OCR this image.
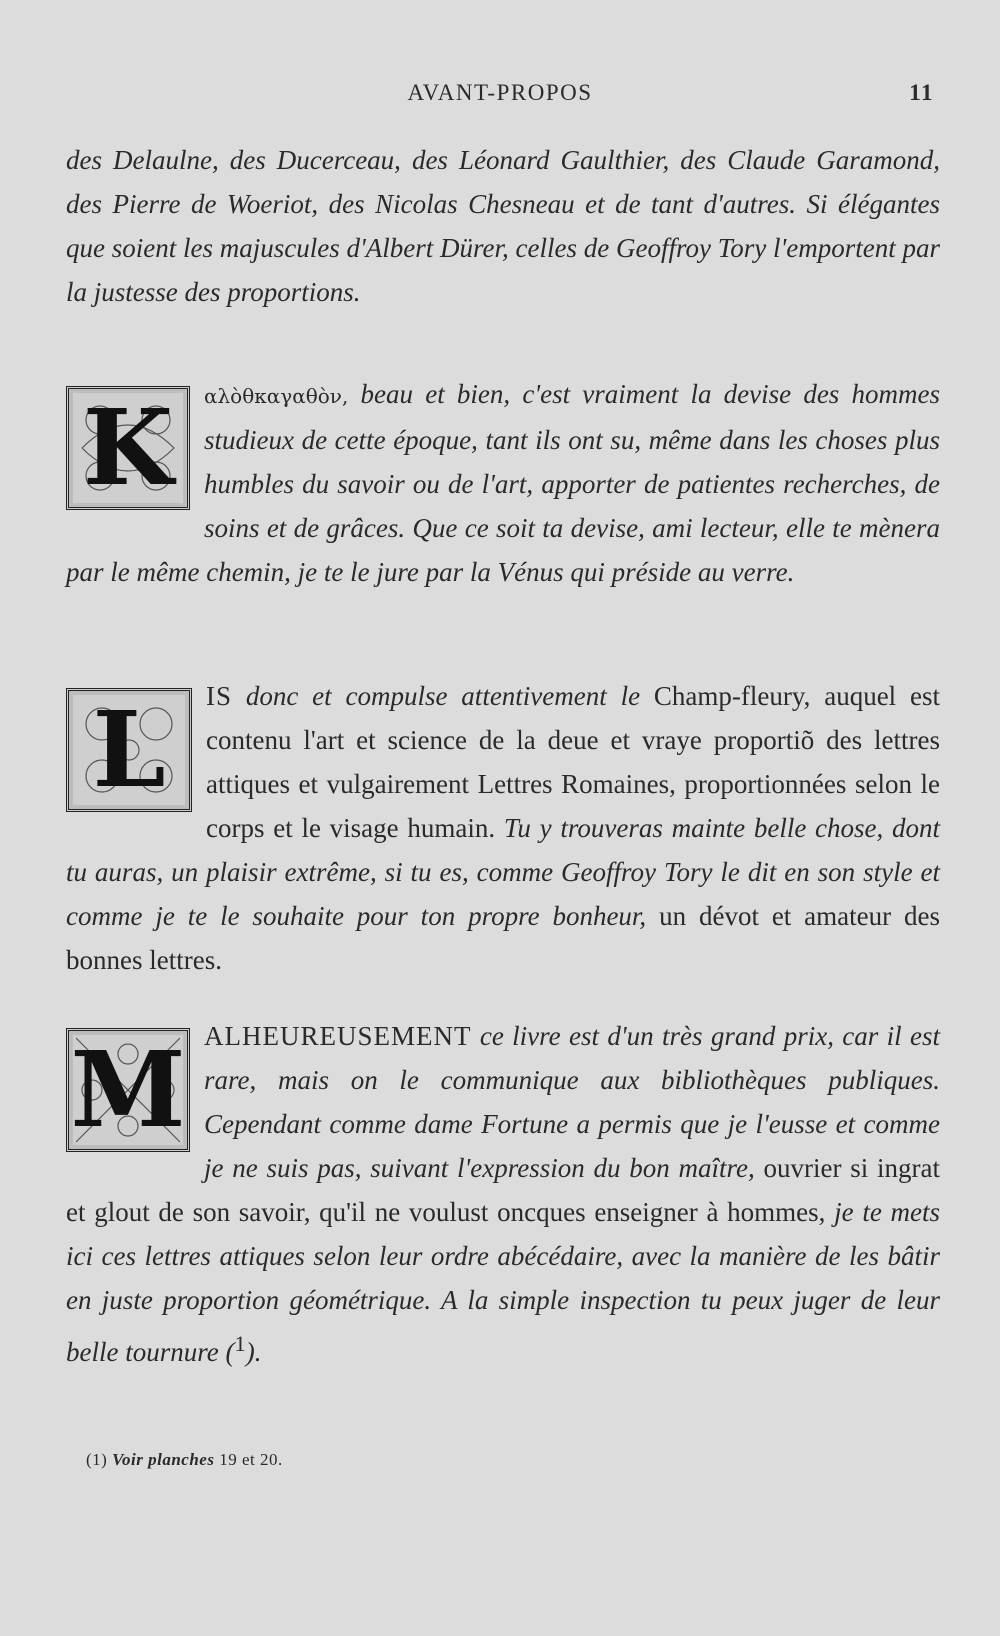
AVANT-PROPOS	11

des Delaulne, des Ducerceau, des Léonard Gaulthier, des Claude Garamond, des Pierre de Woeriot, des Nicolas Chesneau et de tant d'autres. Si élégantes que soient les majuscules d'Albert Dürer, celles de Geoffroy Tory l'emportent par la justesse des proportions.

K αλὸθκαγαθὸν, beau et bien, c'est vraiment la devise des hommes studieux de cette époque, tant ils ont su, même dans les choses plus humbles du savoir ou de l'art, apporter de patientes recherches, de soins et de grâces. Que ce soit ta devise, ami lecteur, elle te mènera par le même chemin, je te le jure par la Vénus qui préside au verre.

L IS donc et compulse attentivement le Champ-fleury, auquel est contenu l'art et science de la deue et vraye proportiõ des lettres attiques et vulgairement Lettres Romaines, proportionnées selon le corps et le visage humain. Tu y trouveras mainte belle chose, dont tu auras, un plaisir extrême, si tu es, comme Geoffroy Tory le dit en son style et comme je te le souhaite pour ton propre bonheur, un dévot et amateur des bonnes lettres.

M ALHEUREUSEMENT ce livre est d'un très grand prix, car il est rare, mais on le communique aux bibliothèques publiques. Cependant comme dame Fortune a permis que je l'eusse et comme je ne suis pas, suivant l'expression du bon maître, ouvrier si ingrat et glout de son savoir, qu'il ne voulust oncques enseigner à hommes, je te mets ici ces lettres attiques selon leur ordre abécédaire, avec la manière de les bâtir en juste proportion géométrique. A la simple inspection tu peux juger de leur belle tournure ($^1$).

(1) Voir planches 19 et 20.
